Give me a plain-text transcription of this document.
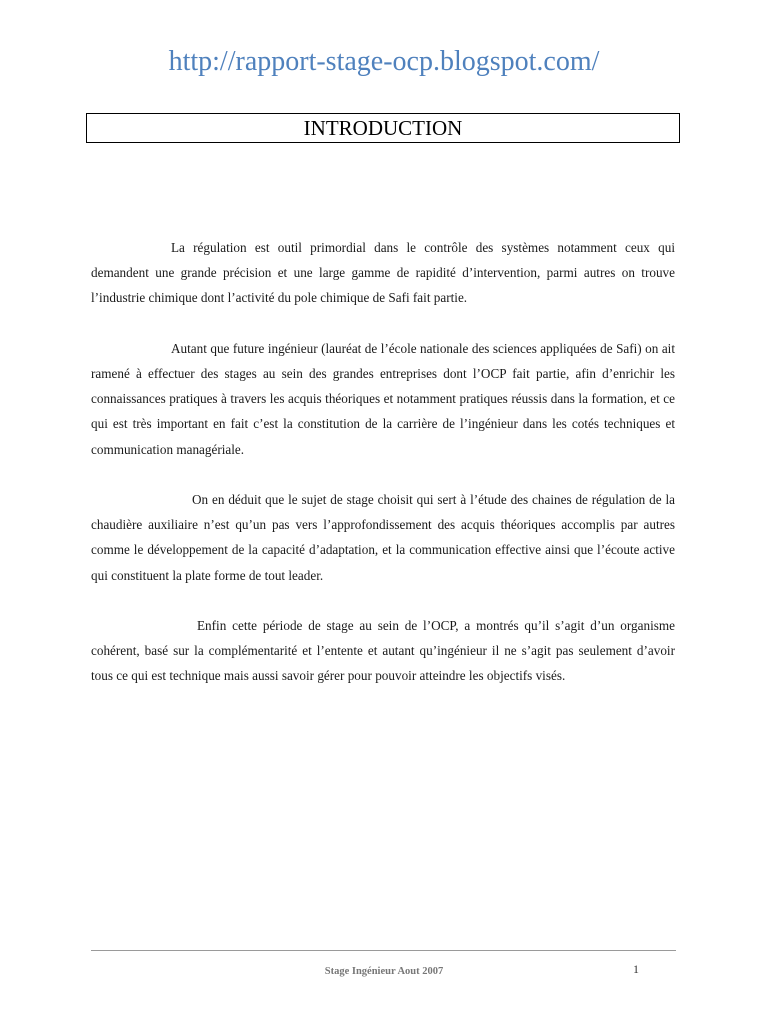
http://rapport-stage-ocp.blogspot.com/
INTRODUCTION

La régulation est outil primordial dans le contrôle des systèmes notamment ceux qui demandent une grande précision et une large gamme de rapidité d’intervention, parmi autres on trouve l’industrie chimique dont l’activité du pole chimique de Safi fait partie.

Autant que future ingénieur (lauréat de l’école nationale des sciences appliquées de Safi) on ait ramené à effectuer des stages au sein des grandes entreprises dont l’OCP fait partie, afin d’enrichir les connaissances pratiques à travers les acquis théoriques et notamment pratiques réussis dans la formation, et ce qui est très important en fait c’est la constitution de la carrière de l’ingénieur dans les cotés techniques et communication managériale.

On en déduit que le sujet de stage choisit qui sert à l’étude des chaines de régulation de la chaudière auxiliaire n’est qu’un pas vers l’approfondissement des acquis théoriques accomplis par autres comme le développement de la capacité d’adaptation, et la communication effective ainsi que l’écoute active qui constituent la plate forme de tout leader.

Enfin cette période de stage au sein de l’OCP, a montrés qu’il s’agit d’un organisme cohérent, basé sur la complémentarité et l’entente et autant qu’ingénieur il ne s’agit pas seulement d’avoir tous ce qui est technique mais aussi savoir gérer pour pouvoir atteindre les objectifs visés.

Stage Ingénieur Aout 2007	1
